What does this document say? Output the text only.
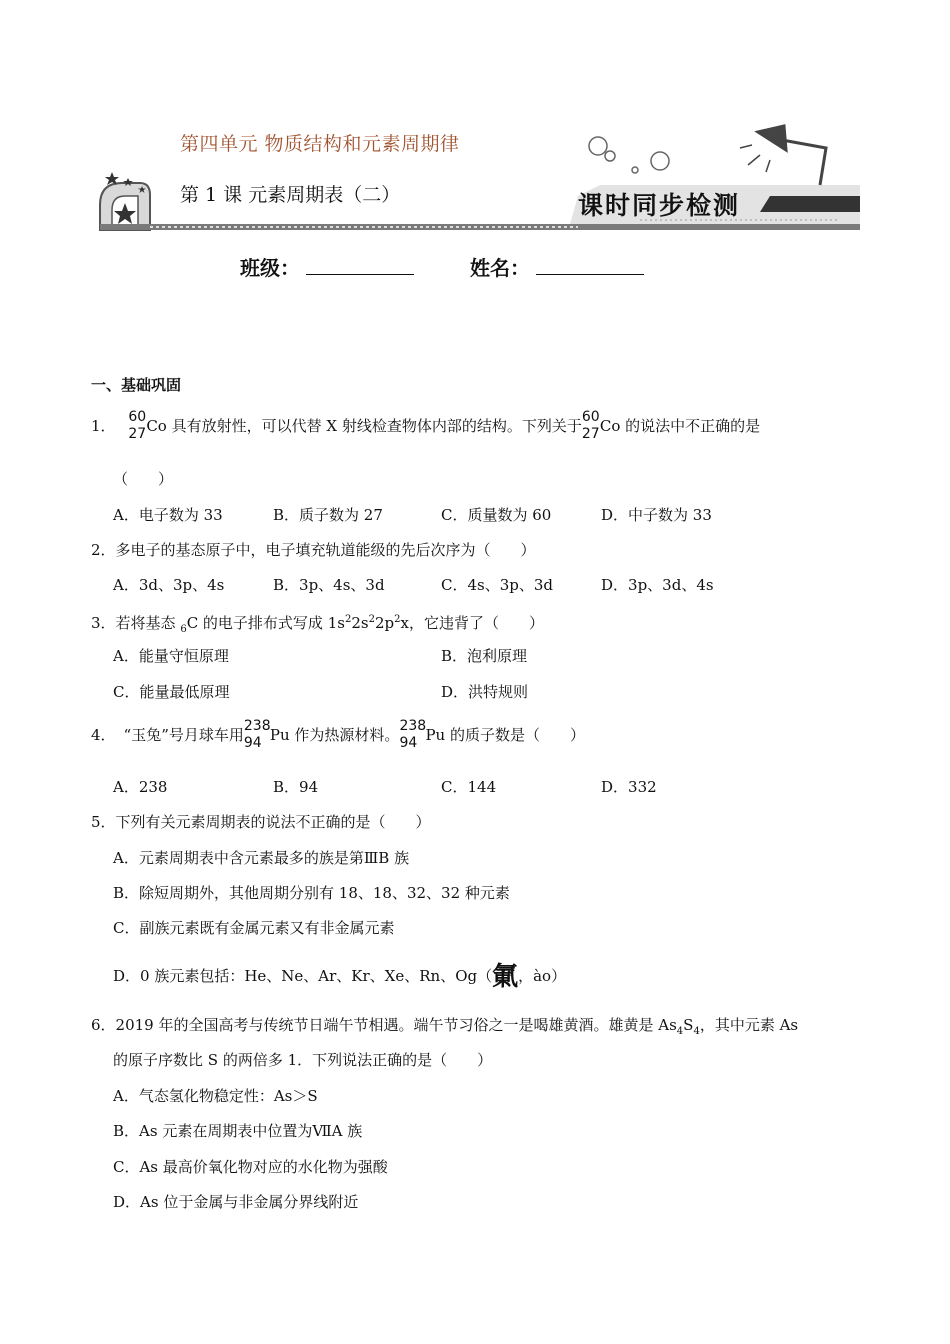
第四单元 物质结构和元素周期律
第 1 课 元素周期表（二）	课时同步检测
班级：	姓名：
一、基础巩固
1． 60
27 Co 具有放射性，可以代替 X 射线检查物体内部的结构。下列关于 60
27 Co 的说法中不正确的是
（　　）
A．电子数为 33	B．质子数为 27	C．质量数为 60	D．中子数为 33
2．多电子的基态原子中，电子填充轨道能级的先后次序为（　　）
A．3d、3p、4s	B．3p、4s、3d	C．4s、3p、3d	D．3p、3d、4s
3．若将基态 $_6$C 的电子排布式写成 $1s^22s^22p^2x$，它违背了（　　）
A．能量守恒原理	B．泡利原理
C．能量最低原理	D．洪特规则
4． “玉兔”号月球车用 238
94 Pu 作为热源材料。 238
94 Pu 的质子数是（　　）
A．238	B．94	C．144	D．332
5．下列有关元素周期表的说法不正确的是（　　）
A．元素周期表中含元素最多的族是第ⅢB 族
B．除短周期外，其他周期分别有 18、18、32、32 种元素
C．副族元素既有金属元素又有非金属元素
D．0 族元素包括：He、Ne、Ar、Kr、Xe、Rn、Og（氭，ào）
6．2019 年的全国高考与传统节日端午节相遇。端午节习俗之一是喝雄黄酒。雄黄是 $As_4S_4$，其中元素 As
的原子序数比 S 的两倍多 1．下列说法正确的是（　　）
A．气态氢化物稳定性：As＞S
B．As 元素在周期表中位置为ⅦA 族
C．As 最高价氧化物对应的水化物为强酸
D．As 位于金属与非金属分界线附近
